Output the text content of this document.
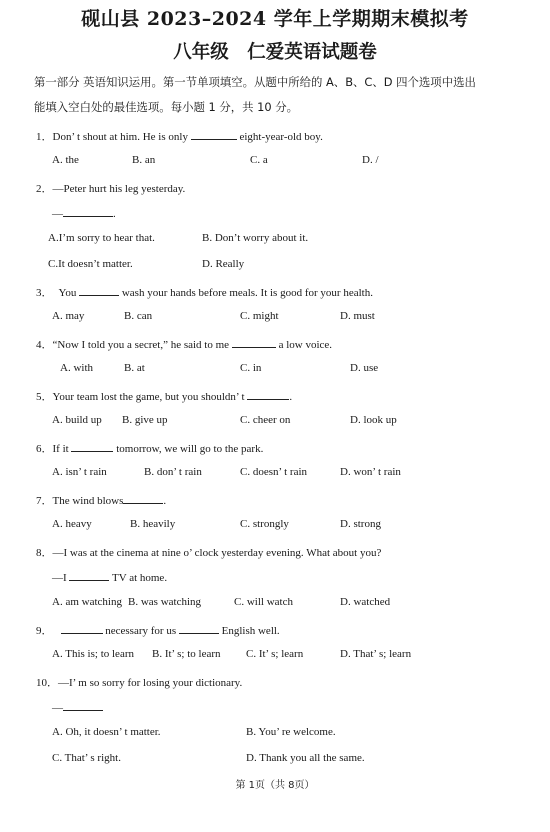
砚山县 2023–2024 学年上学期期末模拟考
八年级　仁爱英语试题卷
第一部分 英语知识运用。第一节单项填空。从题中所给的 A、B、C、D 四个选项中选出
能填入空白处的最佳选项。每小题 1 分，共 10 分。
1．Don’ t shout at him. He is only	eight-year-old boy.
A. the	B. an	C. a	D. /
2．—Peter hurt his leg yesterday.
—	.
A.I’m sorry to hear that.	B. Don’t worry about it.
C.It doesn’t matter.	D. Really
3． You	wash your hands before meals. It is good for your health.
A. may	B. can	C. might	D. must
4．“Now I told you a secret,” he said to me	a low voice.
A. with	B. at	C. in	D. use
5．Your team lost the game, but you shouldn’ t	.
A. build up B. give up	C. cheer on	D. look up
6．If it	tomorrow, we will go to the park.
A. isn’ t rain	B. don’ t rain	C. doesn’ t rain	D. won’ t rain
7．The wind blows	.
A. heavy	B. heavily	C. strongly	D. strong
8．—I was at the cinema at nine o’ clock yesterday evening. What about you?
—I	TV at home.
A. am watching B. was watching	C. will watch	D. watched
9．	necessary for us	English well.
A. This is; to learn B. It’ s; to learn C. It’ s; learn	D. That’ s; learn
10．—I’ m so sorry for losing your dictionary.
—
A. Oh, it doesn’ t matter.	B. You’ re welcome.
C. That’ s right.	D. Thank you all the same.
第 1页（共 8页）
